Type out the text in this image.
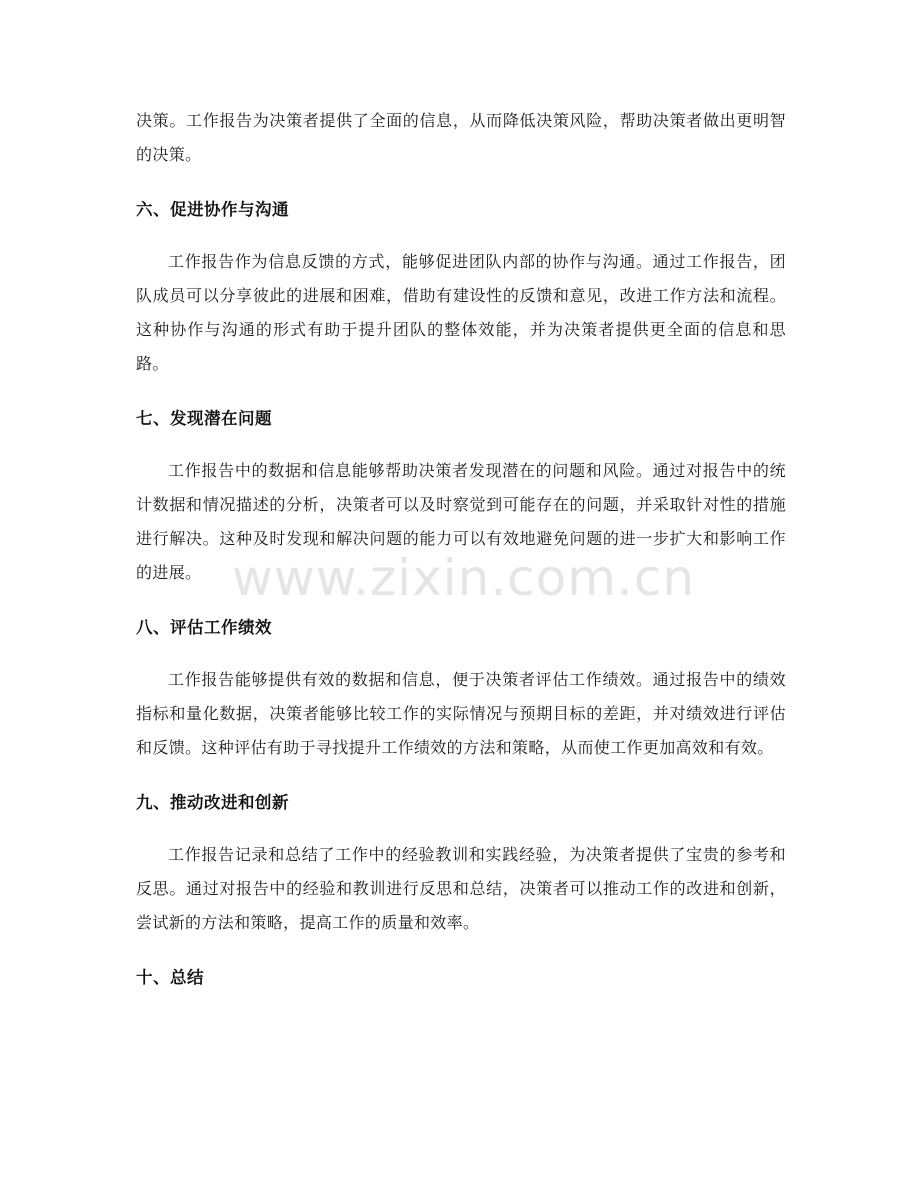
决策。工作报告为决策者提供了全面的信息，从而降低决策风险，帮助决策者做出更明智的决策。

六、促进协作与沟通

工作报告作为信息反馈的方式，能够促进团队内部的协作与沟通。通过工作报告，团队成员可以分享彼此的进展和困难，借助有建设性的反馈和意见，改进工作方法和流程。这种协作与沟通的形式有助于提升团队的整体效能，并为决策者提供更全面的信息和思路。

七、发现潜在问题

工作报告中的数据和信息能够帮助决策者发现潜在的问题和风险。通过对报告中的统计数据和情况描述的分析，决策者可以及时察觉到可能存在的问题，并采取针对性的措施进行解决。这种及时发现和解决问题的能力可以有效地避免问题的进一步扩大和影响工作的进展。

八、评估工作绩效

工作报告能够提供有效的数据和信息，便于决策者评估工作绩效。通过报告中的绩效指标和量化数据，决策者能够比较工作的实际情况与预期目标的差距，并对绩效进行评估和反馈。这种评估有助于寻找提升工作绩效的方法和策略，从而使工作更加高效和有效。

九、推动改进和创新

工作报告记录和总结了工作中的经验教训和实践经验，为决策者提供了宝贵的参考和反思。通过对报告中的经验和教训进行反思和总结，决策者可以推动工作的改进和创新，尝试新的方法和策略，提高工作的质量和效率。

十、总结
www.zixin.com.cn
